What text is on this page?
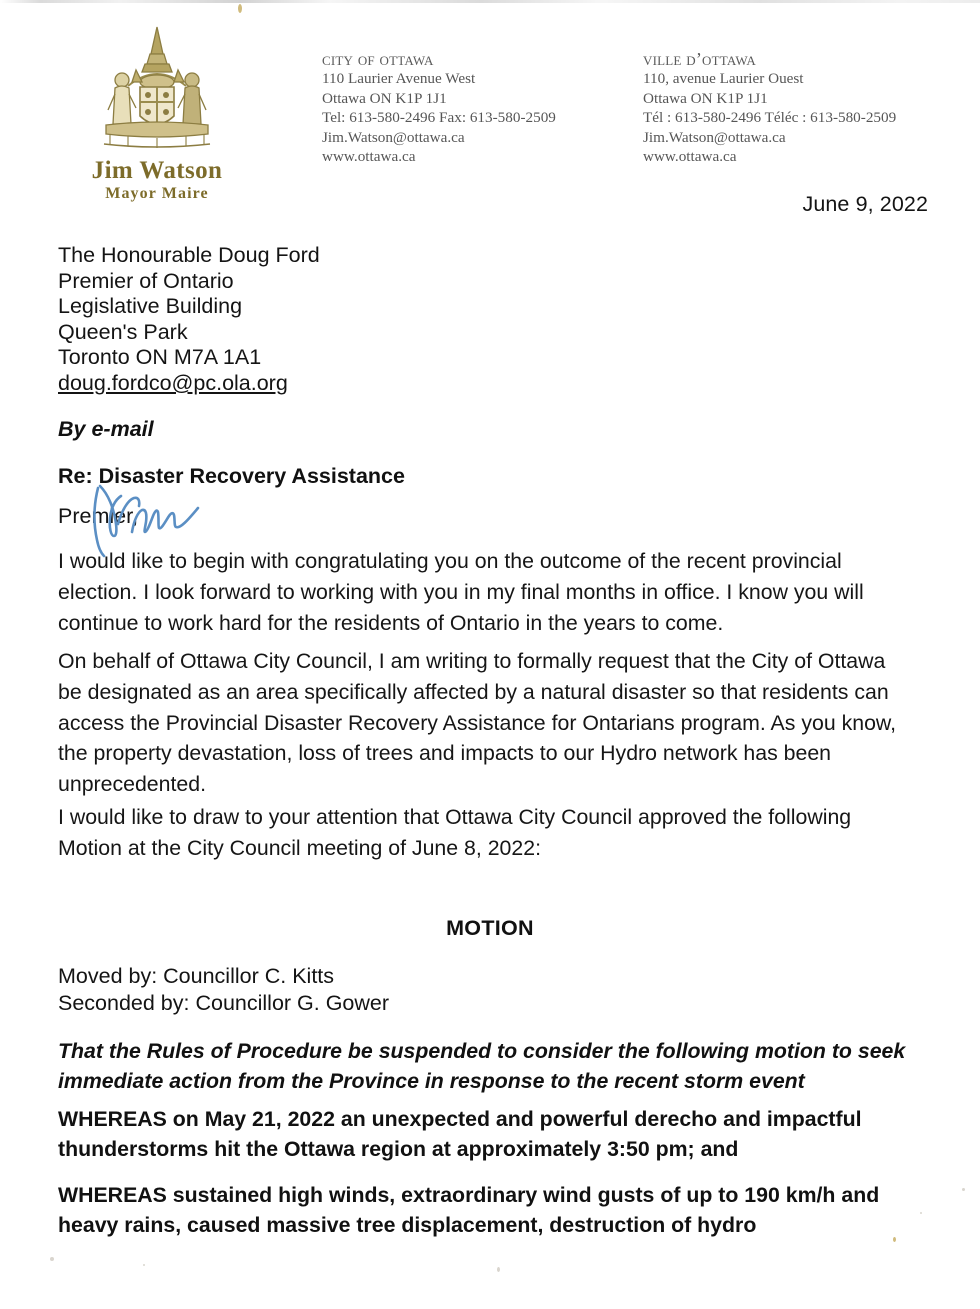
Jim Watson
Mayor Maire
city of ottawa
110 Laurier Avenue West
Ottawa ON K1P 1J1
Tel: 613-580-2496 Fax: 613-580-2509
Jim.Watson@ottawa.ca
www.ottawa.ca
ville d’ottawa
110, avenue Laurier Ouest
Ottawa ON K1P 1J1
Tél : 613-580-2496 Téléc : 613-580-2509
Jim.Watson@ottawa.ca
www.ottawa.ca
June 9, 2022
The Honourable Doug Ford
Premier of Ontario
Legislative Building
Queen's Park
Toronto ON M7A 1A1
doug.fordco@pc.ola.org
By e-mail
Re: Disaster Recovery Assistance
Premier,
I would like to begin with congratulating you on the outcome of the recent provincial election. I look forward to working with you in my final months in office. I know you will continue to work hard for the residents of Ontario in the years to come.
On behalf of Ottawa City Council, I am writing to formally request that the City of Ottawa be designated as an area specifically affected by a natural disaster so that residents can access the Provincial Disaster Recovery Assistance for Ontarians program. As you know, the property devastation, loss of trees and impacts to our Hydro network has been unprecedented.
I would like to draw to your attention that Ottawa City Council approved the following Motion at the City Council meeting of June 8, 2022:
MOTION
Moved by: Councillor C. Kitts
Seconded by: Councillor G. Gower
That the Rules of Procedure be suspended to consider the following motion to seek immediate action from the Province in response to the recent storm event
WHEREAS on May 21, 2022 an unexpected and powerful derecho and impactful thunderstorms hit the Ottawa region at approximately 3:50 pm; and
WHEREAS sustained high winds, extraordinary wind gusts of up to 190 km/h and heavy rains, caused massive tree displacement, destruction of hydro
